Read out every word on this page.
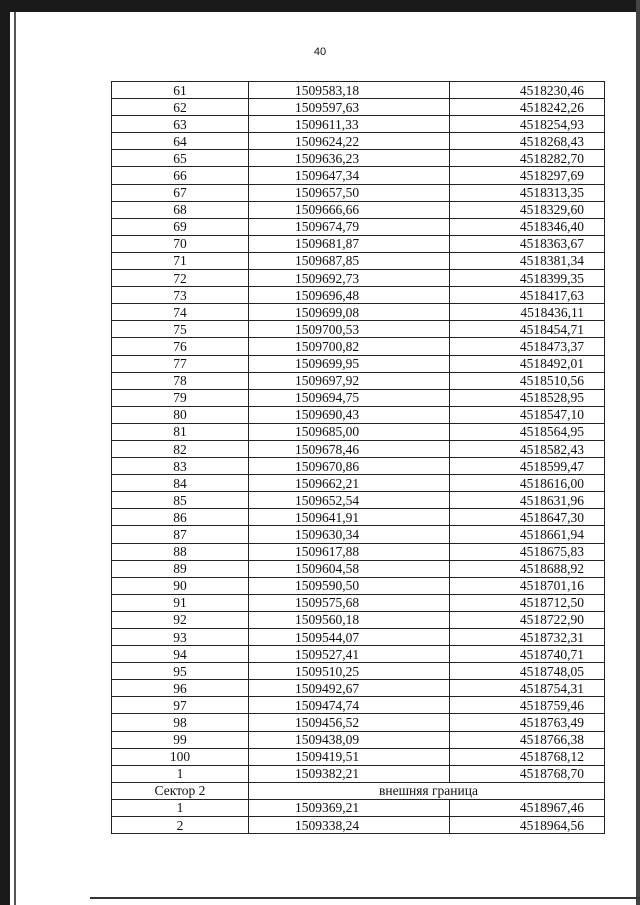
40
61	1509583,18	4518230,46
62	1509597,63	4518242,26
63	1509611,33	4518254,93
64	1509624,22	4518268,43
65	1509636,23	4518282,70
66	1509647,34	4518297,69
67	1509657,50	4518313,35
68	1509666,66	4518329,60
69	1509674,79	4518346,40
70	1509681,87	4518363,67
71	1509687,85	4518381,34
72	1509692,73	4518399,35
73	1509696,48	4518417,63
74	1509699,08	4518436,11
75	1509700,53	4518454,71
76	1509700,82	4518473,37
77	1509699,95	4518492,01
78	1509697,92	4518510,56
79	1509694,75	4518528,95
80	1509690,43	4518547,10
81	1509685,00	4518564,95
82	1509678,46	4518582,43
83	1509670,86	4518599,47
84	1509662,21	4518616,00
85	1509652,54	4518631,96
86	1509641,91	4518647,30
87	1509630,34	4518661,94
88	1509617,88	4518675,83
89	1509604,58	4518688,92
90	1509590,50	4518701,16
91	1509575,68	4518712,50
92	1509560,18	4518722,90
93	1509544,07	4518732,31
94	1509527,41	4518740,71
95	1509510,25	4518748,05
96	1509492,67	4518754,31
97	1509474,74	4518759,46
98	1509456,52	4518763,49
99	1509438,09	4518766,38
100	1509419,51	4518768,12
1	1509382,21	4518768,70
Сектор 2	внешняя граница	
1	1509369,21	4518967,46
2	1509338,24	4518964,56
